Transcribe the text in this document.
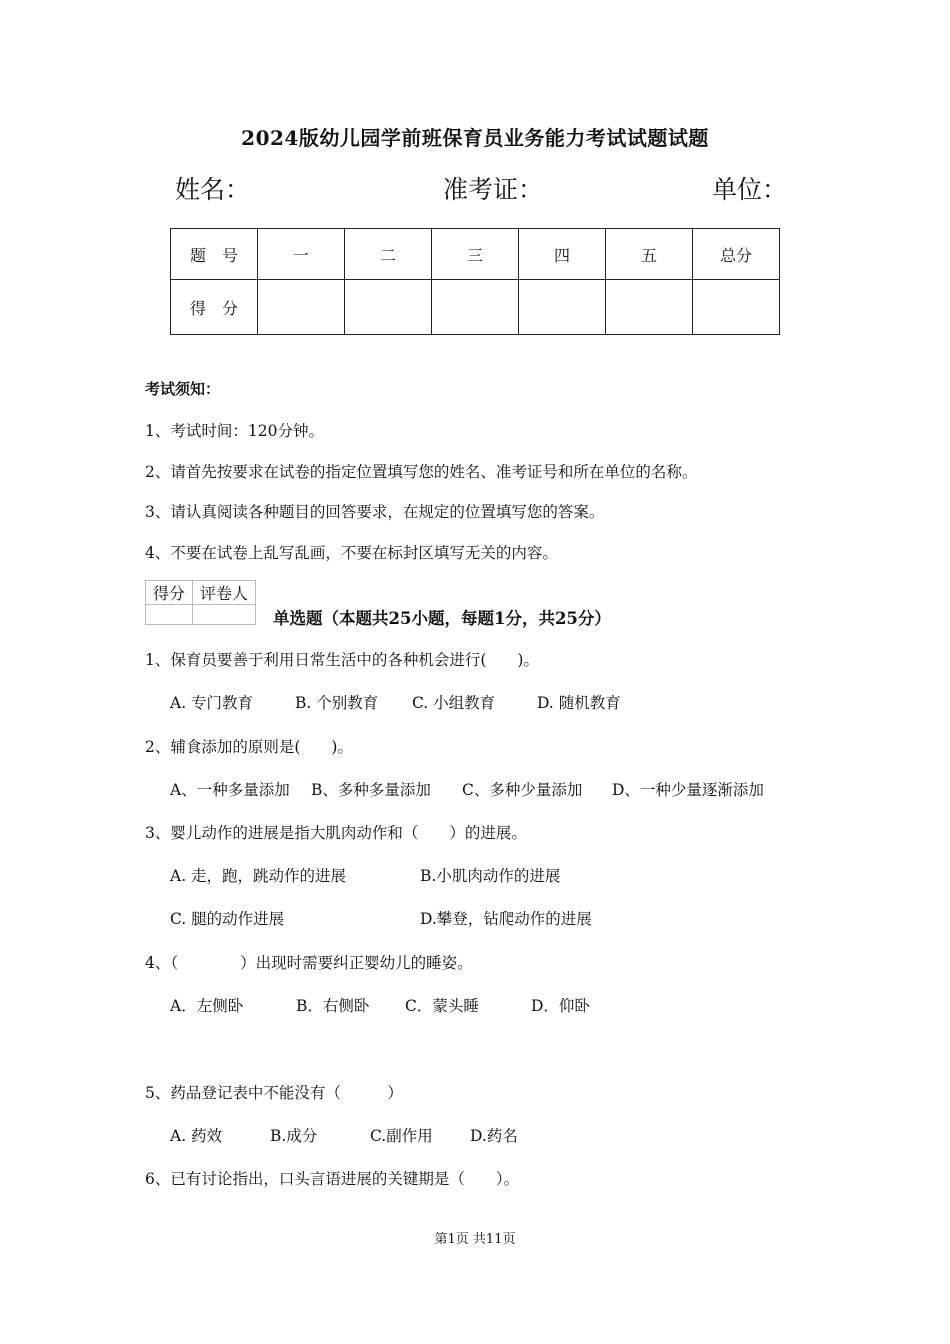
2024版幼儿园学前班保育员业务能力考试试题试题
姓名：	准考证：	单位：
题　号	一	二	三	四	五	总分
得　分						
考试须知：
1、考试时间：120分钟。
2、请首先按要求在试卷的指定位置填写您的姓名、准考证号和所在单位的名称。
3、请认真阅读各种题目的回答要求，在规定的位置填写您的答案。
4、不要在试卷上乱写乱画，不要在标封区填写无关的内容。
得分	评卷人

单选题（本题共25小题，每题1分，共25分）
1、保育员要善于利用日常生活中的各种机会进行(　　)。
A. 专门教育	B. 个别教育 C. 小组教育	D. 随机教育
2、辅食添加的原则是(　　)。
A、一种多量添加 B、多种多量添加 C、多种少量添加 D、一种少量逐渐添加
3、婴儿动作的进展是指大肌肉动作和（　　）的进展。
A. 走，跑，跳动作的进展	B.小肌肉动作的进展
C. 腿的动作进展	D.攀登，钻爬动作的进展
4、（　　　　）出现时需要纠正婴幼儿的睡姿。
A．左侧卧	B．右侧卧 C．蒙头睡	D．仰卧
5、药品登记表中不能没有（　　　）
A. 药效	B.成分	C.副作用 D.药名
6、已有讨论指出，口头言语进展的关键期是（　　）。
第1页 共11页
